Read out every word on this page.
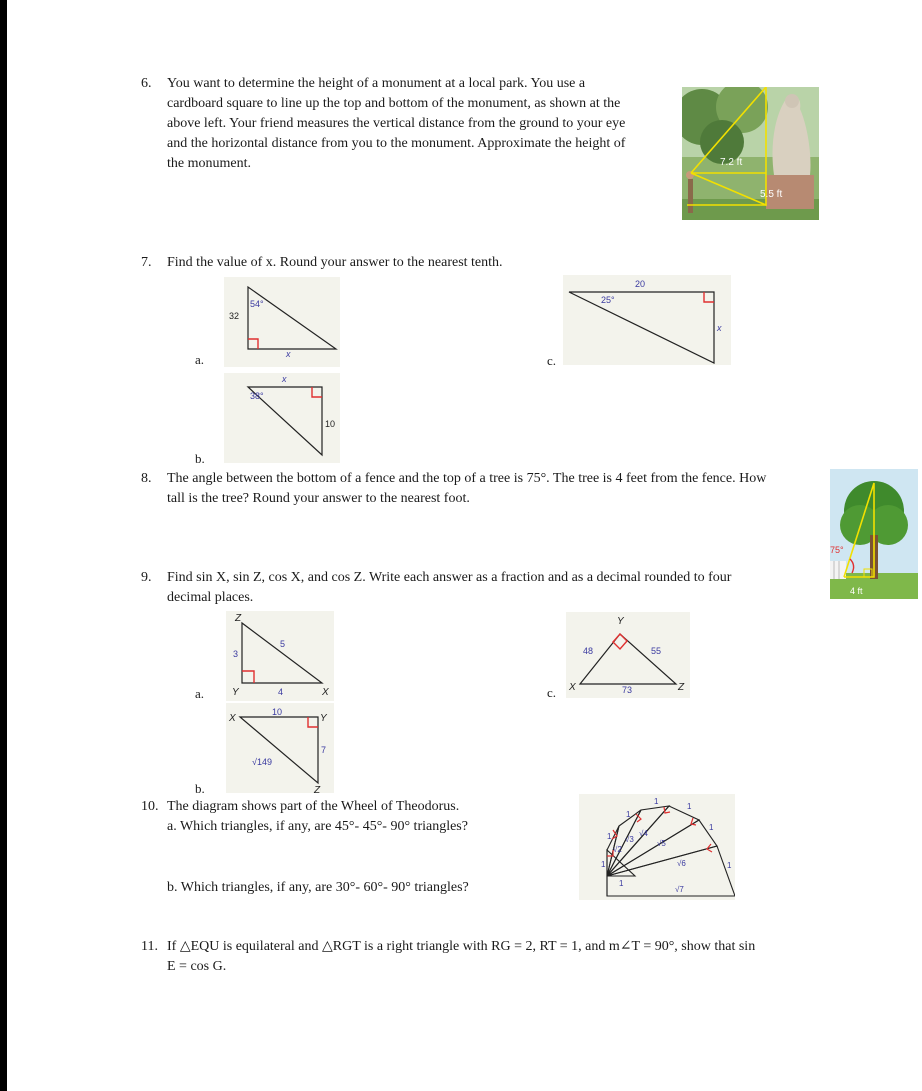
6. You want to determine the height of a monument at a local park. You use a
cardboard square to line up the top and bottom of the monument, as shown at the
above left. Your friend measures the vertical distance from the ground to your eye
and the horizontal distance from you to the monument. Approximate the height of
the monument.	7.2 ft
5.5 ft
7. Find the value of x. Round your answer to the nearest tenth.
a.
54°
32
x
b.
x
38°
10
c.
20
25°
x
8. The angle between the bottom of a fence and the top of a tree is 75°. The tree is 4 feet from the fence. How
tall is the tree? Round your answer to the nearest foot.
75°
4 ft
9. Find sin X, sin Z, cos X, and cos Z. Write each answer as a fraction and as a decimal rounded to four
decimal places.
a.
Z
Y	X
3
5
4
b.
X	Y
Z
10
7
√149
c.
Y
X	Z
48	55
73
10. The diagram shows part of the Wheel of Theodorus.
a. Which triangles, if any, are 45°- 45°- 90° triangles?
b. Which triangles, if any, are 30°- 60°- 90° triangles?
1
1
1
1
1
1
1
1
√2
√3
√4
√5
√6
√7
11. If △EQU is equilateral and △RGT is a right triangle with RG = 2, RT = 1, and m∠T = 90°, show that sin
E = cos G.
